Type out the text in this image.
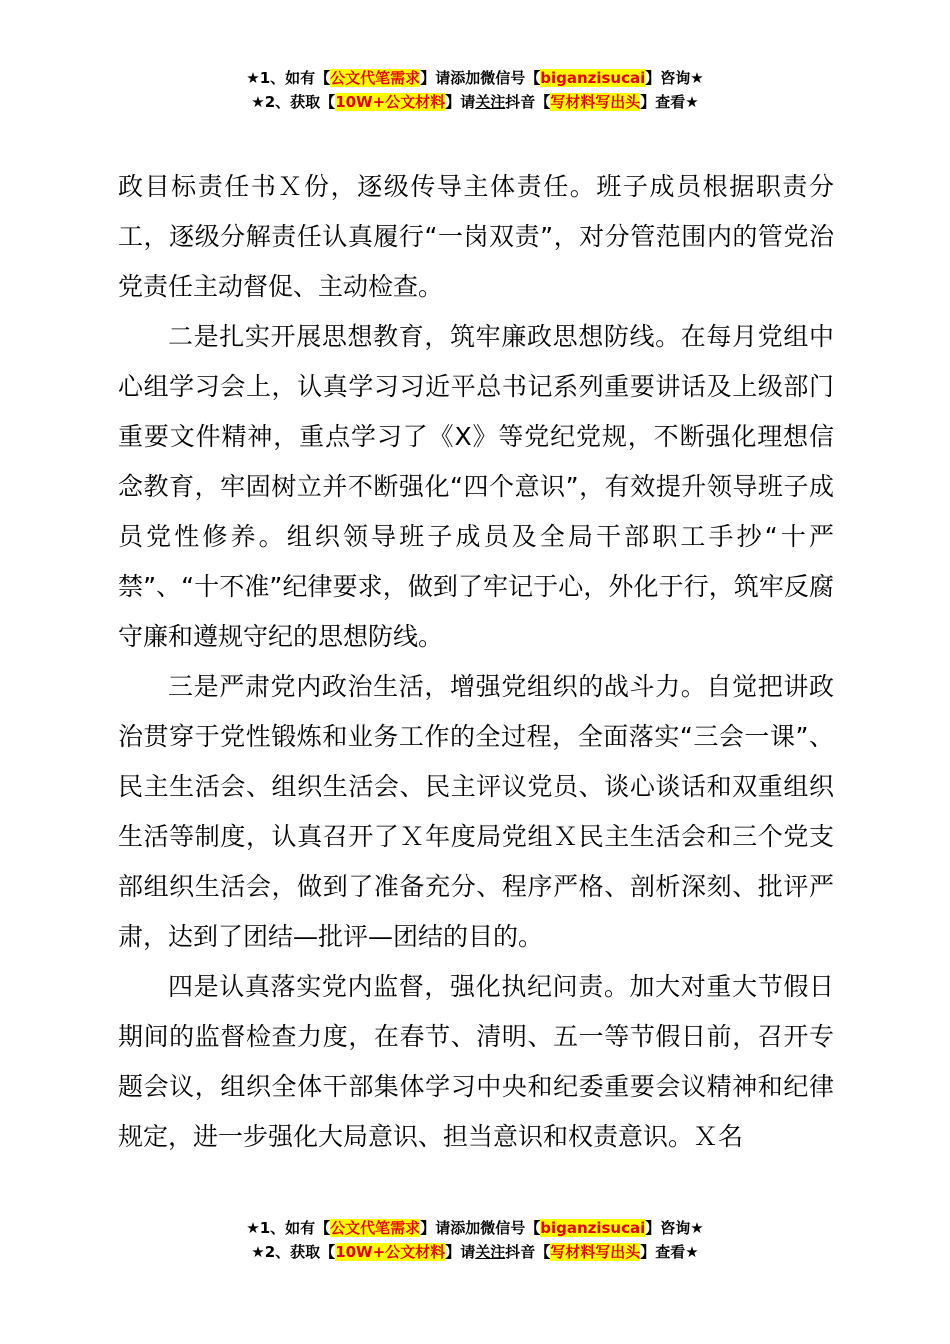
★1、如有【公文代笔需求】请添加微信号【biganzisucai】咨询★
★2、获取【10W+公文材料】请关注抖音【写材料写出头】查看★

政目标责任书Ｘ份，逐级传导主体责任。班子成员根据职责分工，逐级分解责任认真履行“一岗双责”，对分管范围内的管党治党责任主动督促、主动检查。

二是扎实开展思想教育，筑牢廉政思想防线。在每月党组中心组学习会上，认真学习习近平总书记系列重要讲话及上级部门重要文件精神，重点学习了《X》等党纪党规，不断强化理想信念教育，牢固树立并不断强化“四个意识”，有效提升领导班子成员党性修养。组织领导班子成员及全局干部职工手抄“十严禁”、“十不准”纪律要求，做到了牢记于心，外化于行，筑牢反腐守廉和遵规守纪的思想防线。

三是严肃党内政治生活，增强党组织的战斗力。自觉把讲政治贯穿于党性锻炼和业务工作的全过程，全面落实“三会一课”、民主生活会、组织生活会、民主评议党员、谈心谈话和双重组织生活等制度，认真召开了Ｘ年度局党组Ｘ民主生活会和三个党支部组织生活会，做到了准备充分、程序严格、剖析深刻、批评严肃，达到了团结—批评—团结的目的。

四是认真落实党内监督，强化执纪问责。加大对重大节假日期间的监督检查力度，在春节、清明、五一等节假日前，召开专题会议，组织全体干部集体学习中央和纪委重要会议精神和纪律规定，进一步强化大局意识、担当意识和权责意识。Ｘ名

★1、如有【公文代笔需求】请添加微信号【biganzisucai】咨询★
★2、获取【10W+公文材料】请关注抖音【写材料写出头】查看★
